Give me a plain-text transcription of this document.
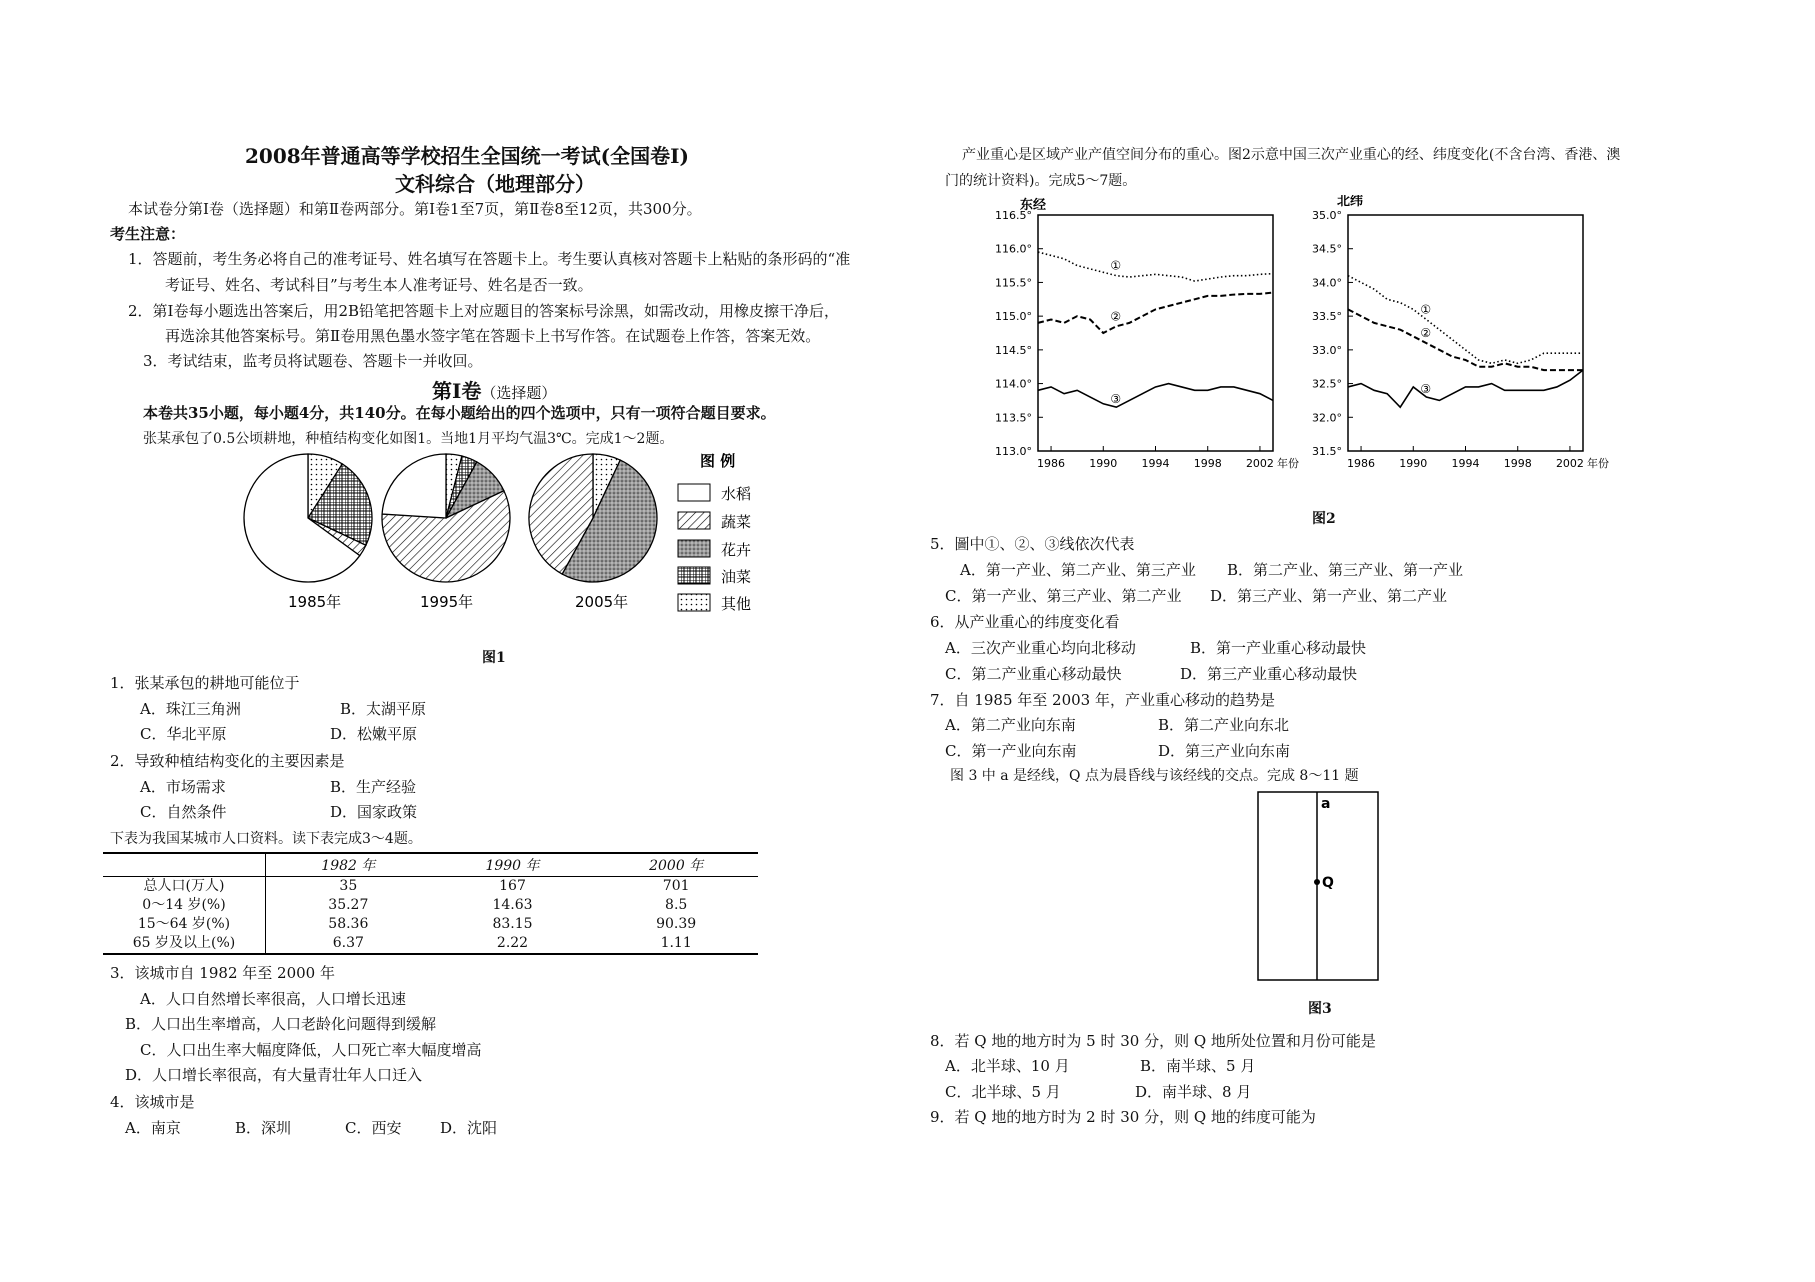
2008年普通高等学校招生全国统一考试(全国卷Ⅰ)
文科综合（地理部分）
本试卷分第Ⅰ卷（选择题）和第Ⅱ卷两部分。第Ⅰ卷1至7页，第Ⅱ卷8至12页，共300分。
考生注意：
1．答题前，考生务必将自己的准考证号、姓名填写在答题卡上。考生要认真核对答题卡上粘贴的条形码的“准
考证号、姓名、考试科目”与考生本人准考证号、姓名是否一致。
2．第Ⅰ卷每小题选出答案后，用2B铅笔把答题卡上对应题目的答案标号涂黑，如需改动，用橡皮擦干净后，
再选涂其他答案标号。第Ⅱ卷用黑色墨水签字笔在答题卡上书写作答。在试题卷上作答，答案无效。
3．考试结束，监考员将试题卷、答题卡一并收回。
第Ⅰ卷（选择题）
本卷共35小题，每小题4分，共140分。在每小题给出的四个选项中，只有一项符合题目要求。
张某承包了0.5公顷耕地，种植结构变化如图1。当地1月平均气温3℃。完成1～2题。
1985年	1995年	2005年
图 例
水稻
蔬菜
花卉
油菜
其他
图1
1．张某承包的耕地可能位于
A．珠江三角洲	B．太湖平原
C．华北平原	D．松嫩平原
2．导致种植结构变化的主要因素是
A．市场需求	B．生产经验
C．自然条件	D．国家政策
下表为我国某城市人口资料。读下表完成3～4题。
	1982 年	1990 年	2000 年
总人口(万人)	35	167	701
0～14 岁(%)	35.27	14.63	8.5
15～64 岁(%)	58.36	83.15	90.39
65 岁及以上(%)	6.37	2.22	1.11
3．该城市自 1982 年至 2000 年
A．人口自然增长率很高，人口增长迅速
B．人口出生率增高，人口老龄化问题得到缓解
C．人口出生率大幅度降低，人口死亡率大幅度增高
D．人口增长率很高，有大量青壮年人口迁入
4．该城市是
A．南京	B．深圳	C．西安	D．沈阳
产业重心是区域产业产值空间分布的重心。图2示意中国三次产业重心的经、纬度变化(不含台湾、香港、澳
门的统计资料)。完成5～7题。
116.5°
116.0°
115.5°
115.0°
114.5°
114.0°
113.5°
113.0°
1986 1990 1994 1998 2002 年份
①
②
③
35.0°
34.5°
34.0°
33.5°
33.0°
32.5°
32.0°
31.5°
1986 1990 1994 1998 2002 年份
①
②
③
东经	北纬
图2
5．圖中①、②、③线依次代表
A．第一产业、第二产业、第三产业 B．第二产业、第三产业、第一产业
C．第一产业、第三产业、第二产业 D．第三产业、第一产业、第二产业
6．从产业重心的纬度变化看
A．三次产业重心均向北移动	B．第一产业重心移动最快
C．第二产业重心移动最快	D．第三产业重心移动最快
7．自 1985 年至 2003 年，产业重心移动的趋势是
A．第二产业向东南	B．第二产业向东北
C．第一产业向东南	D．第三产业向东南
图 3 中 a 是经线，Q 点为晨昏线与该经线的交点。完成 8～11 题
a
Q
图3
8．若 Q 地的地方时为 5 时 30 分，则 Q 地所处位置和月份可能是
A．北半球、10 月	B．南半球、5 月
C．北半球、5 月	D．南半球、8 月
9．若 Q 地的地方时为 2 时 30 分，则 Q 地的纬度可能为
